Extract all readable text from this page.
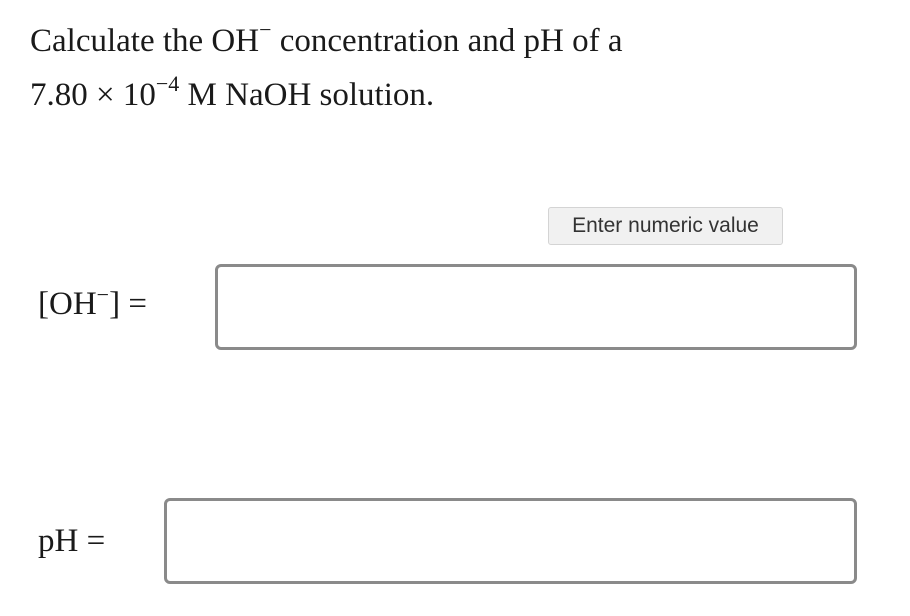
Calculate the OH− concentration and pH of a
$7.80 \times 10^{-4}$ M NaOH solution.
Enter numeric value
[OH−] =
pH =
